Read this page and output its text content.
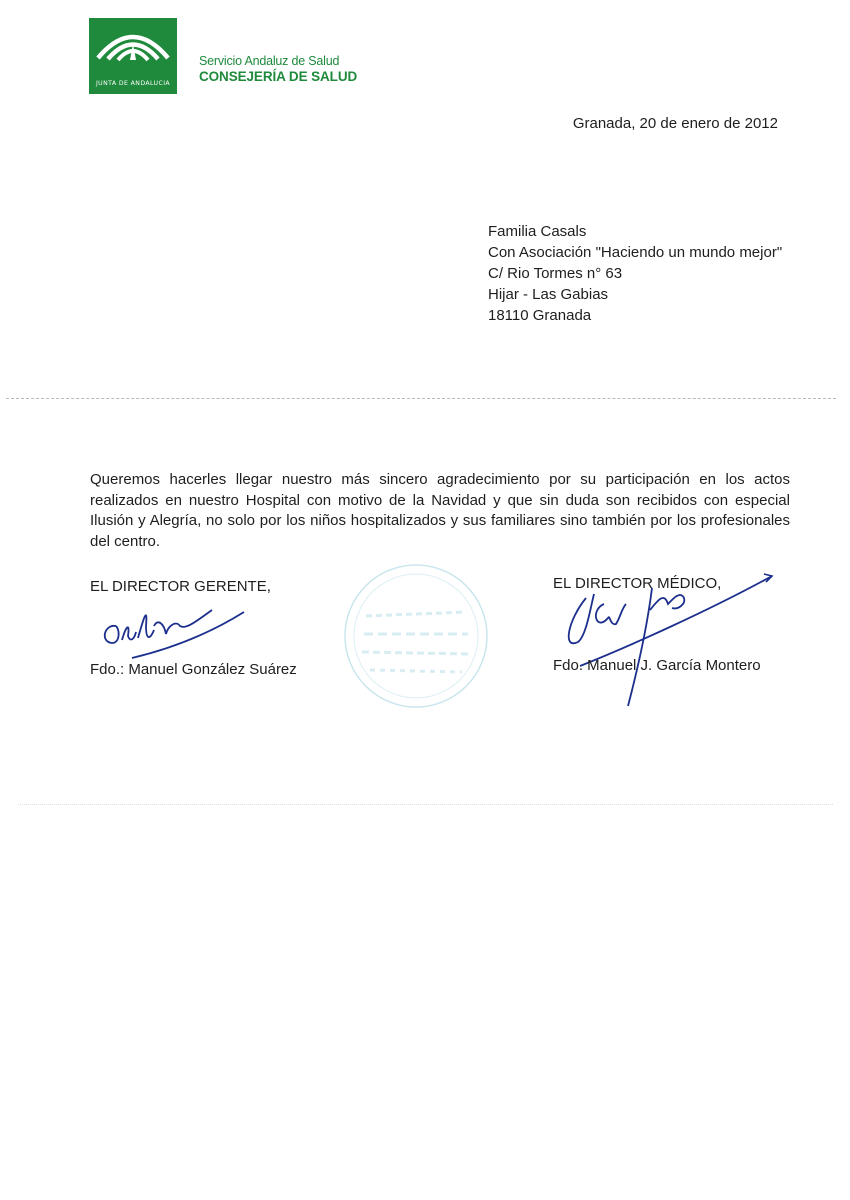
JUNTA DE ANDALUCIA
Servicio Andaluz de Salud
CONSEJERÍA DE SALUD
Granada, 20 de enero de 2012
Familia Casals
Con Asociación "Haciendo un mundo mejor"
C/ Rio Tormes n° 63
Hijar - Las Gabias
18110 Granada
Queremos hacerles llegar nuestro más sincero agradecimiento por su participación en los actos realizados en nuestro Hospital con motivo de la Navidad y que sin duda son recibidos con especial Ilusión y Alegría, no solo por los niños hospitalizados y sus familiares sino también por los profesionales del centro.
EL DIRECTOR GERENTE,
Fdo.: Manuel González Suárez
EL DIRECTOR MÉDICO,
Fdo. Manuel J. García Montero
